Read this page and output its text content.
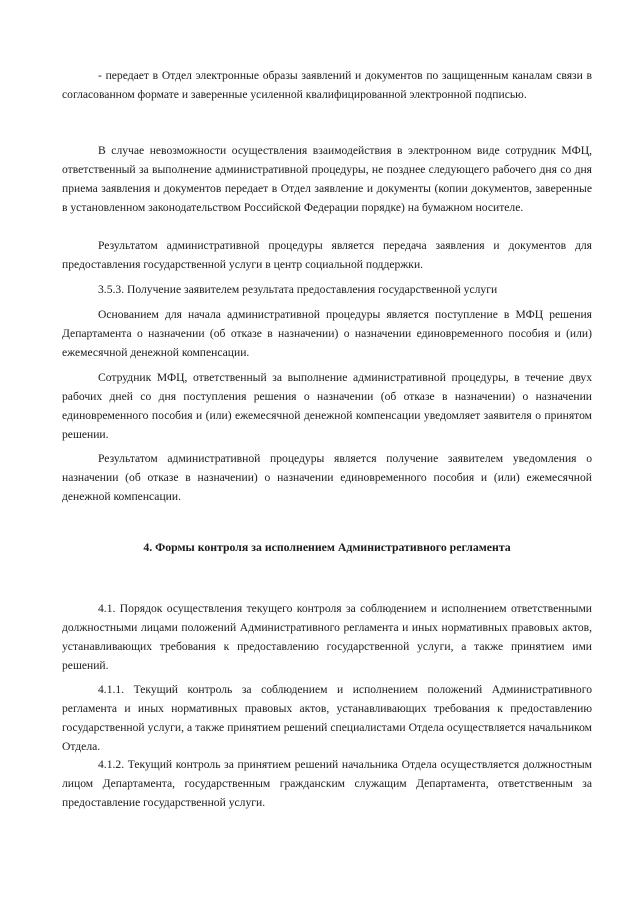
- передает в Отдел электронные образы заявлений и документов по защищенным каналам связи в согласованном формате и заверенные усиленной квалифицированной электронной подписью.

В случае невозможности осуществления взаимодействия в электронном виде сотрудник МФЦ, ответственный за выполнение административной процедуры, не позднее следующего рабочего дня со дня приема заявления и документов передает в Отдел заявление и документы (копии документов, заверенные в установленном законодательством Российской Федерации порядке) на бумажном носителе.

Результатом административной процедуры является передача заявления и документов для предоставления государственной услуги в центр социальной поддержки.

3.5.3. Получение заявителем результата предоставления государственной услуги

Основанием для начала административной процедуры является поступление в МФЦ решения Департамента о назначении (об отказе в назначении) о назначении единовременного пособия и (или) ежемесячной денежной компенсации.

Сотрудник МФЦ, ответственный за выполнение административной процедуры, в течение двух рабочих дней со дня поступления решения о назначении (об отказе в назначении) о назначении единовременного пособия и (или) ежемесячной денежной компенсации уведомляет заявителя о принятом решении.

Результатом административной процедуры является получение заявителем уведомления о назначении (об отказе в назначении) о назначении единовременного пособия и (или) ежемесячной денежной компенсации.

4. Формы контроля за исполнением Административного регламента

4.1. Порядок осуществления текущего контроля за соблюдением и исполнением ответственными должностными лицами положений Административного регламента и иных нормативных правовых актов, устанавливающих требования к предоставлению государственной услуги, а также принятием ими решений.

4.1.1. Текущий контроль за соблюдением и исполнением положений Административного регламента и иных нормативных правовых актов, устанавливающих требования к предоставлению государственной услуги, а также принятием решений специалистами Отдела осуществляется начальником Отдела.

4.1.2. Текущий контроль за принятием решений начальника Отдела осуществляется должностным лицом Департамента, государственным гражданским служащим Департамента, ответственным за предоставление государственной услуги.
